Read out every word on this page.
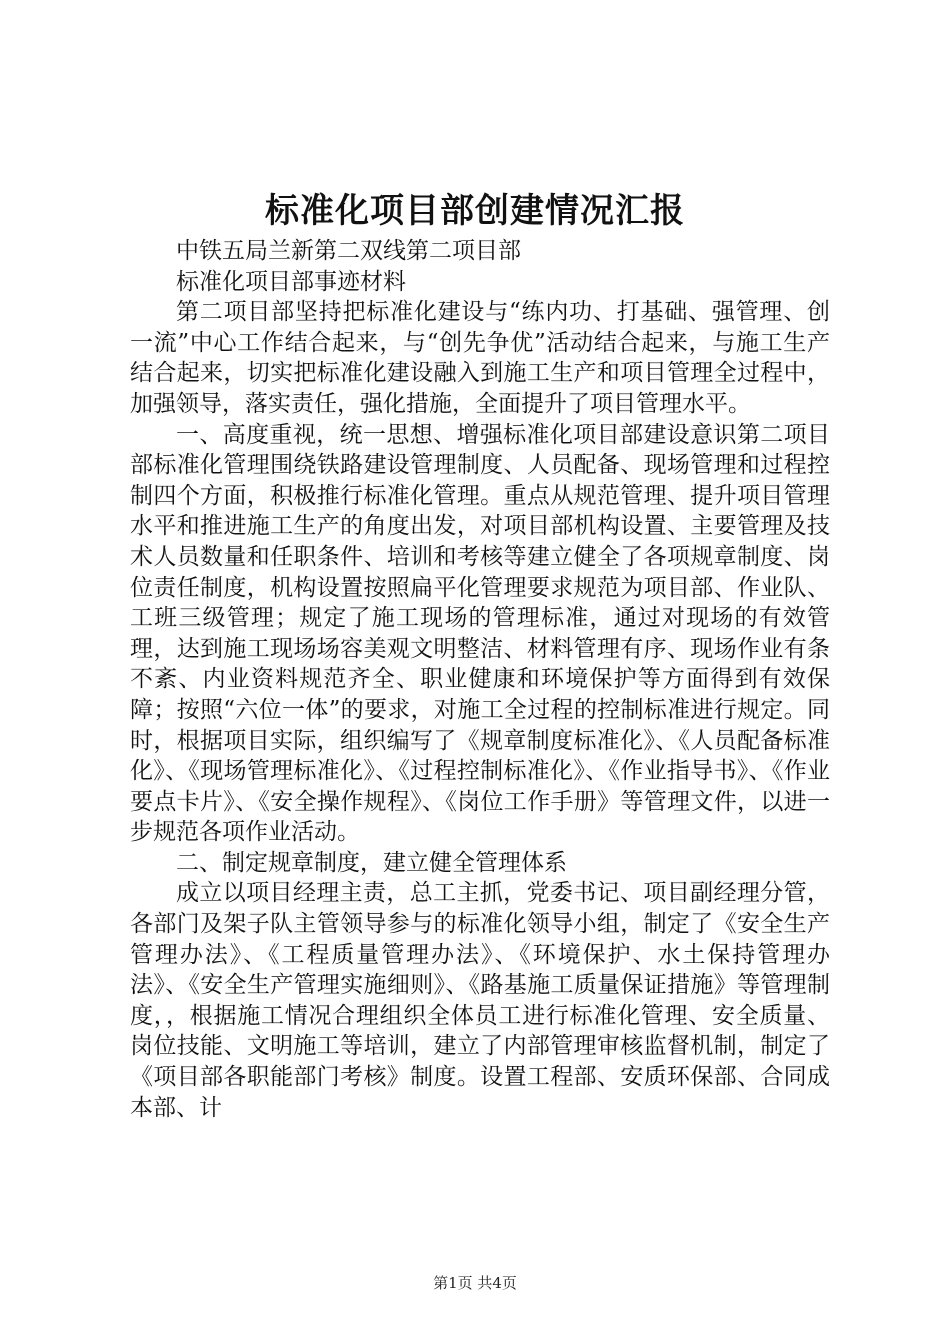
标准化项目部创建情况汇报

中铁五局兰新第二双线第二项目部

标准化项目部事迹材料

第二项目部坚持把标准化建设与“练内功、打基础、强管理、创一流”中心工作结合起来，与“创先争优”活动结合起来，与施工生产结合起来，切实把标准化建设融入到施工生产和项目管理全过程中，加强领导，落实责任，强化措施，全面提升了项目管理水平。

一、高度重视，统一思想、增强标准化项目部建设意识第二项目部标准化管理围绕铁路建设管理制度、人员配备、现场管理和过程控制四个方面，积极推行标准化管理。重点从规范管理、提升项目管理水平和推进施工生产的角度出发，对项目部机构设置、主要管理及技术人员数量和任职条件、培训和考核等建立健全了各项规章制度、岗位责任制度，机构设置按照扁平化管理要求规范为项目部、作业队、工班三级管理；规定了施工现场的管理标准，通过对现场的有效管理，达到施工现场场容美观文明整洁、材料管理有序、现场作业有条不紊、内业资料规范齐全、职业健康和环境保护等方面得到有效保障；按照“六位一体”的要求，对施工全过程的控制标准进行规定。同时，根据项目实际，组织编写了《规章制度标准化》、《人员配备标准化》、《现场管理标准化》、《过程控制标准化》、《作业指导书》、《作业要点卡片》、《安全操作规程》、《岗位工作手册》等管理文件，以进一步规范各项作业活动。

二、制定规章制度，建立健全管理体系

成立以项目经理主责，总工主抓，党委书记、项目副经理分管，各部门及架子队主管领导参与的标准化领导小组，制定了《安全生产管理办法》、《工程质量管理办法》、《环境保护、水土保持管理办法》、《安全生产管理实施细则》、《路基施工质量保证措施》等管理制度，，根据施工情况合理组织全体员工进行标准化管理、安全质量、岗位技能、文明施工等培训，建立了内部管理审核监督机制，制定了《项目部各职能部门考核》制度。设置工程部、安质环保部、合同成本部、计

第1页 共4页
